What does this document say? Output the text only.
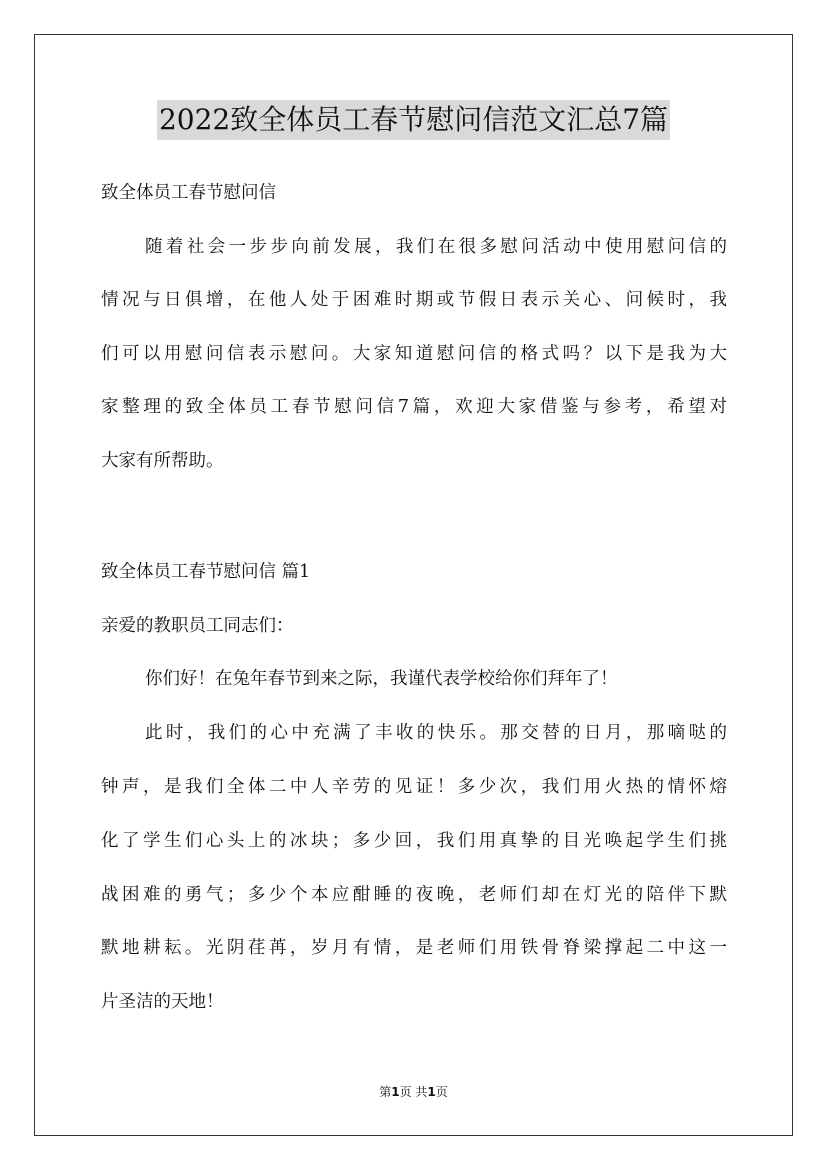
2022致全体员工春节慰问信范文汇总7篇
致全体员工春节慰问信
随着社会一步步向前发展，我们在很多慰问活动中使用慰问信的
情况与日俱增，在他人处于困难时期或节假日表示关心、问候时，我
们可以用慰问信表示慰问。大家知道慰问信的格式吗？以下是我为大
家整理的致全体员工春节慰问信7篇，欢迎大家借鉴与参考，希望对
大家有所帮助。
致全体员工春节慰问信 篇1
亲爱的教职员工同志们：
你们好！在兔年春节到来之际，我谨代表学校给你们拜年了！
此时，我们的心中充满了丰收的快乐。那交替的日月，那嘀哒的
钟声，是我们全体二中人辛劳的见证！多少次，我们用火热的情怀熔
化了学生们心头上的冰块；多少回，我们用真挚的目光唤起学生们挑
战困难的勇气；多少个本应酣睡的夜晚，老师们却在灯光的陪伴下默
默地耕耘。光阴荏苒，岁月有情，是老师们用铁骨脊梁撑起二中这一
片圣洁的天地！
第1页 共1页
